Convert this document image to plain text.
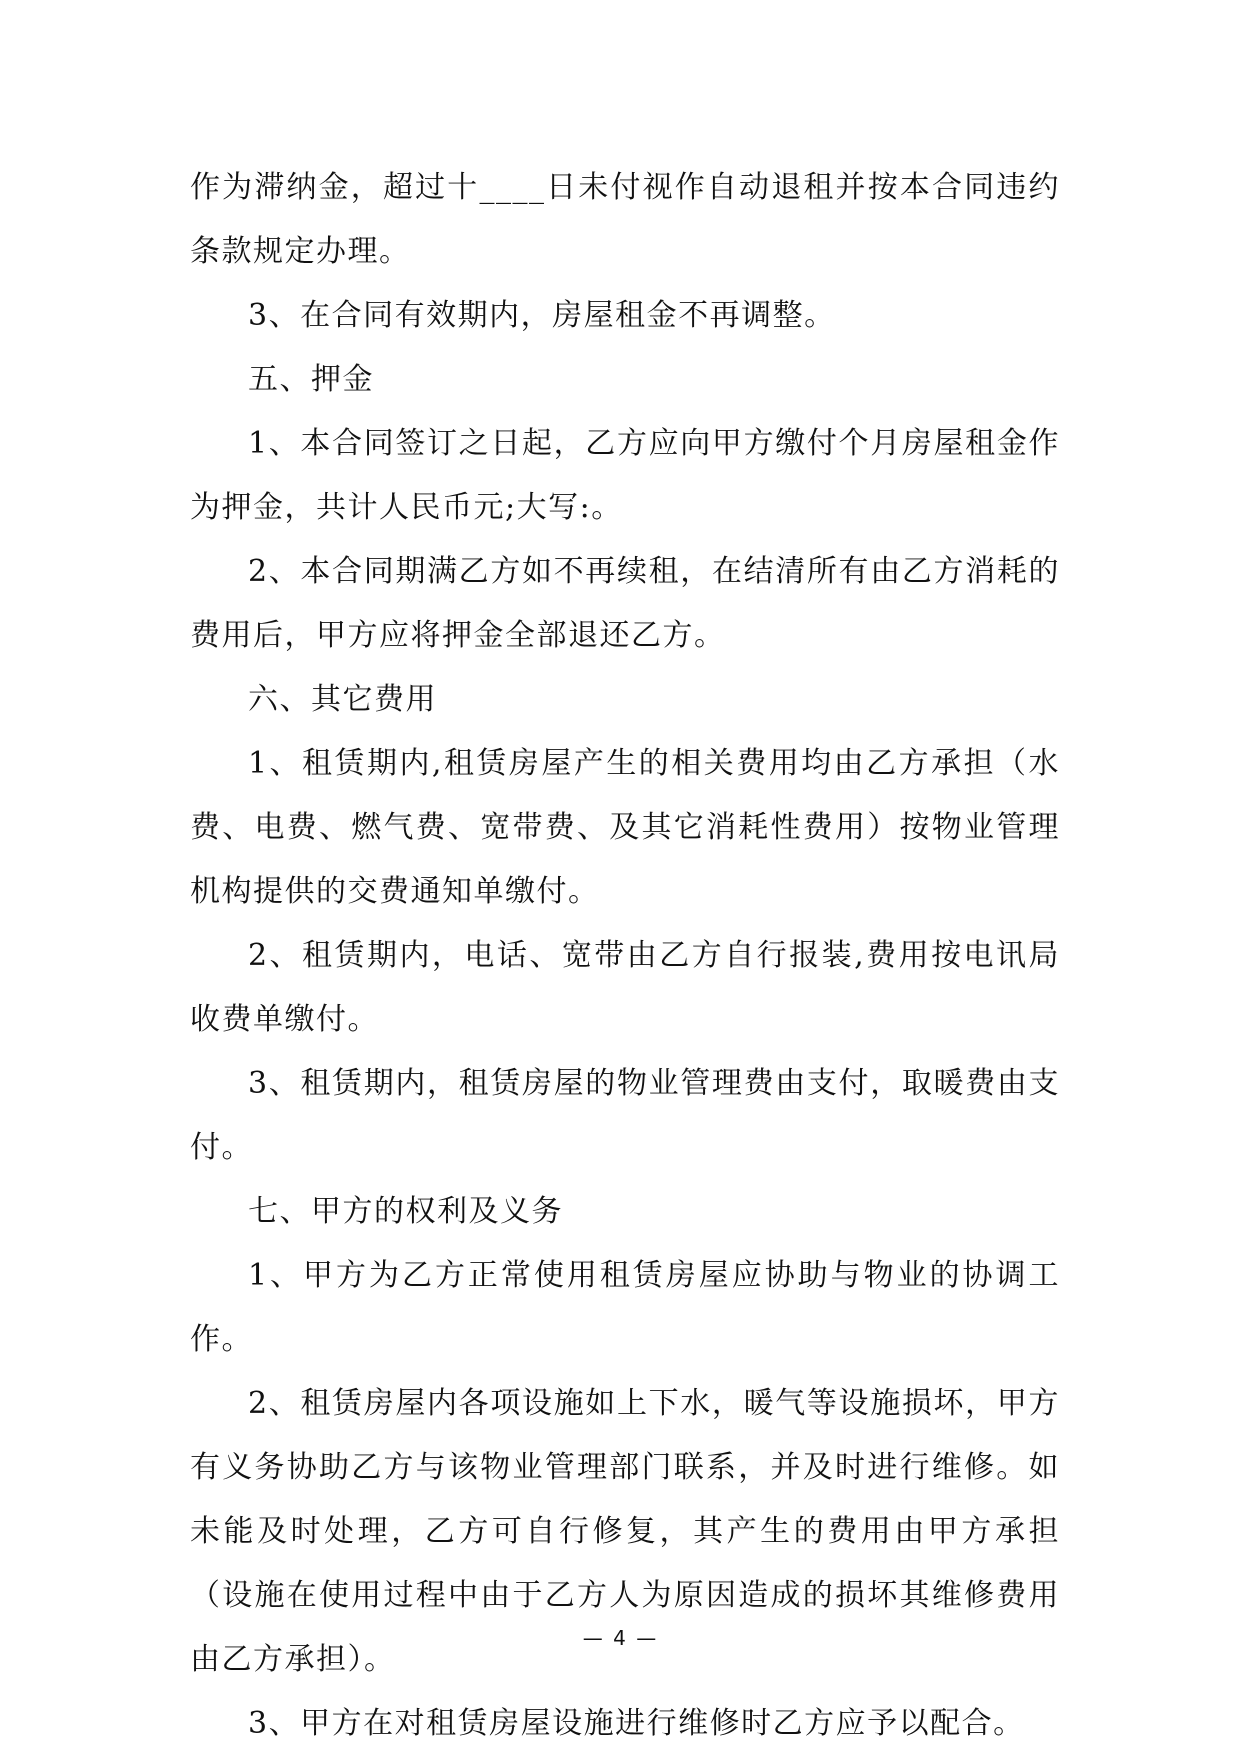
作为滞纳金，超过十____日未付视作自动退租并按本合同违约条款规定办理。

3、在合同有效期内，房屋租金不再调整。

五、押金

1、本合同签订之日起，乙方应向甲方缴付个月房屋租金作为押金，共计人民币元;大写:。

2、本合同期满乙方如不再续租，在结清所有由乙方消耗的费用后，甲方应将押金全部退还乙方。

六、其它费用

1、租赁期内,租赁房屋产生的相关费用均由乙方承担（水费、电费、燃气费、宽带费、及其它消耗性费用）按物业管理机构提供的交费通知单缴付。

2、租赁期内，电话、宽带由乙方自行报装,费用按电讯局收费单缴付。

3、租赁期内，租赁房屋的物业管理费由支付，取暖费由支付。

七、甲方的权利及义务

1、甲方为乙方正常使用租赁房屋应协助与物业的协调工作。

2、租赁房屋内各项设施如上下水，暖气等设施损坏，甲方有义务协助乙方与该物业管理部门联系，并及时进行维修。如未能及时处理，乙方可自行修复，其产生的费用由甲方承担（设施在使用过程中由于乙方人为原因造成的损坏其维修费用由乙方承担）。

3、甲方在对租赁房屋设施进行维修时乙方应予以配合。

— 4 —
